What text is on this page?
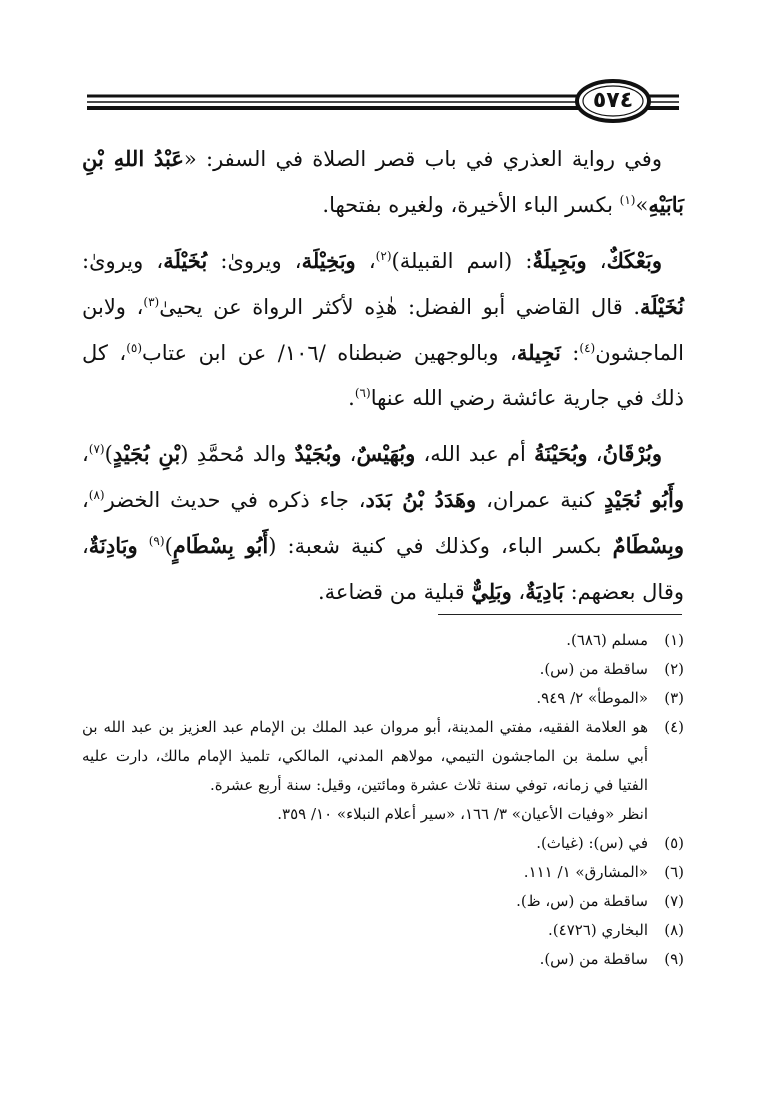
٥٧٤

وفي رواية العذري في باب قصر الصلاة في السفر: «عَبْدُ اللهِ بْنِ بَابَيْهِ»$^{(١)}$ بكسر الباء الأخيرة، ولغيره بفتحها.

وبَعْكَكٌ، وبَجِيلَةٌ: (اسم القبيلة)$^{(٢)}$، وبَخِيْلَة، ويروىٰ: بُخَيْلَة، ويروىٰ: نُخَيْلَة. قال القاضي أبو الفضل: هٰذِه لأكثر الرواة عن يحيىٰ$^{(٣)}$، ولابن الماجشون$^{(٤)}$: نَجِيلة، وبالوجهين ضبطناه /١٠٦/ عن ابن عتاب$^{(٥)}$، كل ذلك في جارية عائشة رضي الله عنها$^{(٦)}$.

وبُرْقَانُ، وبُحَيْنَةُ أم عبد الله، وبُهَيْسٌ، وبُجَيْدٌ والد مُحمَّدِ (بْنِ بُجَيْدٍ)$^{(٧)}$، وأَبُو نُجَيْدٍ كنية عمران، وهَدَدُ بْنُ بَدَد، جاء ذكره في حديث الخضر$^{(٨)}$، وبِسْطَامٌ بكسر الباء، وكذلك في كنية شعبة: (أَبُو بِسْطَامٍ)$^{(٩)}$ وبَادِنَةٌ، وقال بعضهم: بَادِيَةٌ، وبَلِيٌّ قبلية من قضاعة.

(١)
مسلم (٦٨٦).
(٢)
ساقطة من (س).
(٣)
«الموطأ» ٢/ ٩٤٩.
(٤)
هو العلامة الفقيه، مفتي المدينة، أبو مروان عبد الملك بن الإمام عبد العزيز بن عبد الله بن أبي سلمة بن الماجشون التيمي، مولاهم المدني، المالكي، تلميذ الإمام مالك، دارت عليه الفتيا في زمانه، توفي سنة ثلاث عشرة ومائتين، وقيل: سنة أربع عشرة.
انظر «وفيات الأعيان» ٣/ ١٦٦، «سير أعلام النبلاء» ١٠/ ٣٥٩.
(٥)
في (س): (غياث).
(٦)
«المشارق» ١/ ١١١.
(٧)
ساقطة من (س، ظ).
(٨)
البخاري (٤٧٢٦).
(٩)
ساقطة من (س).
